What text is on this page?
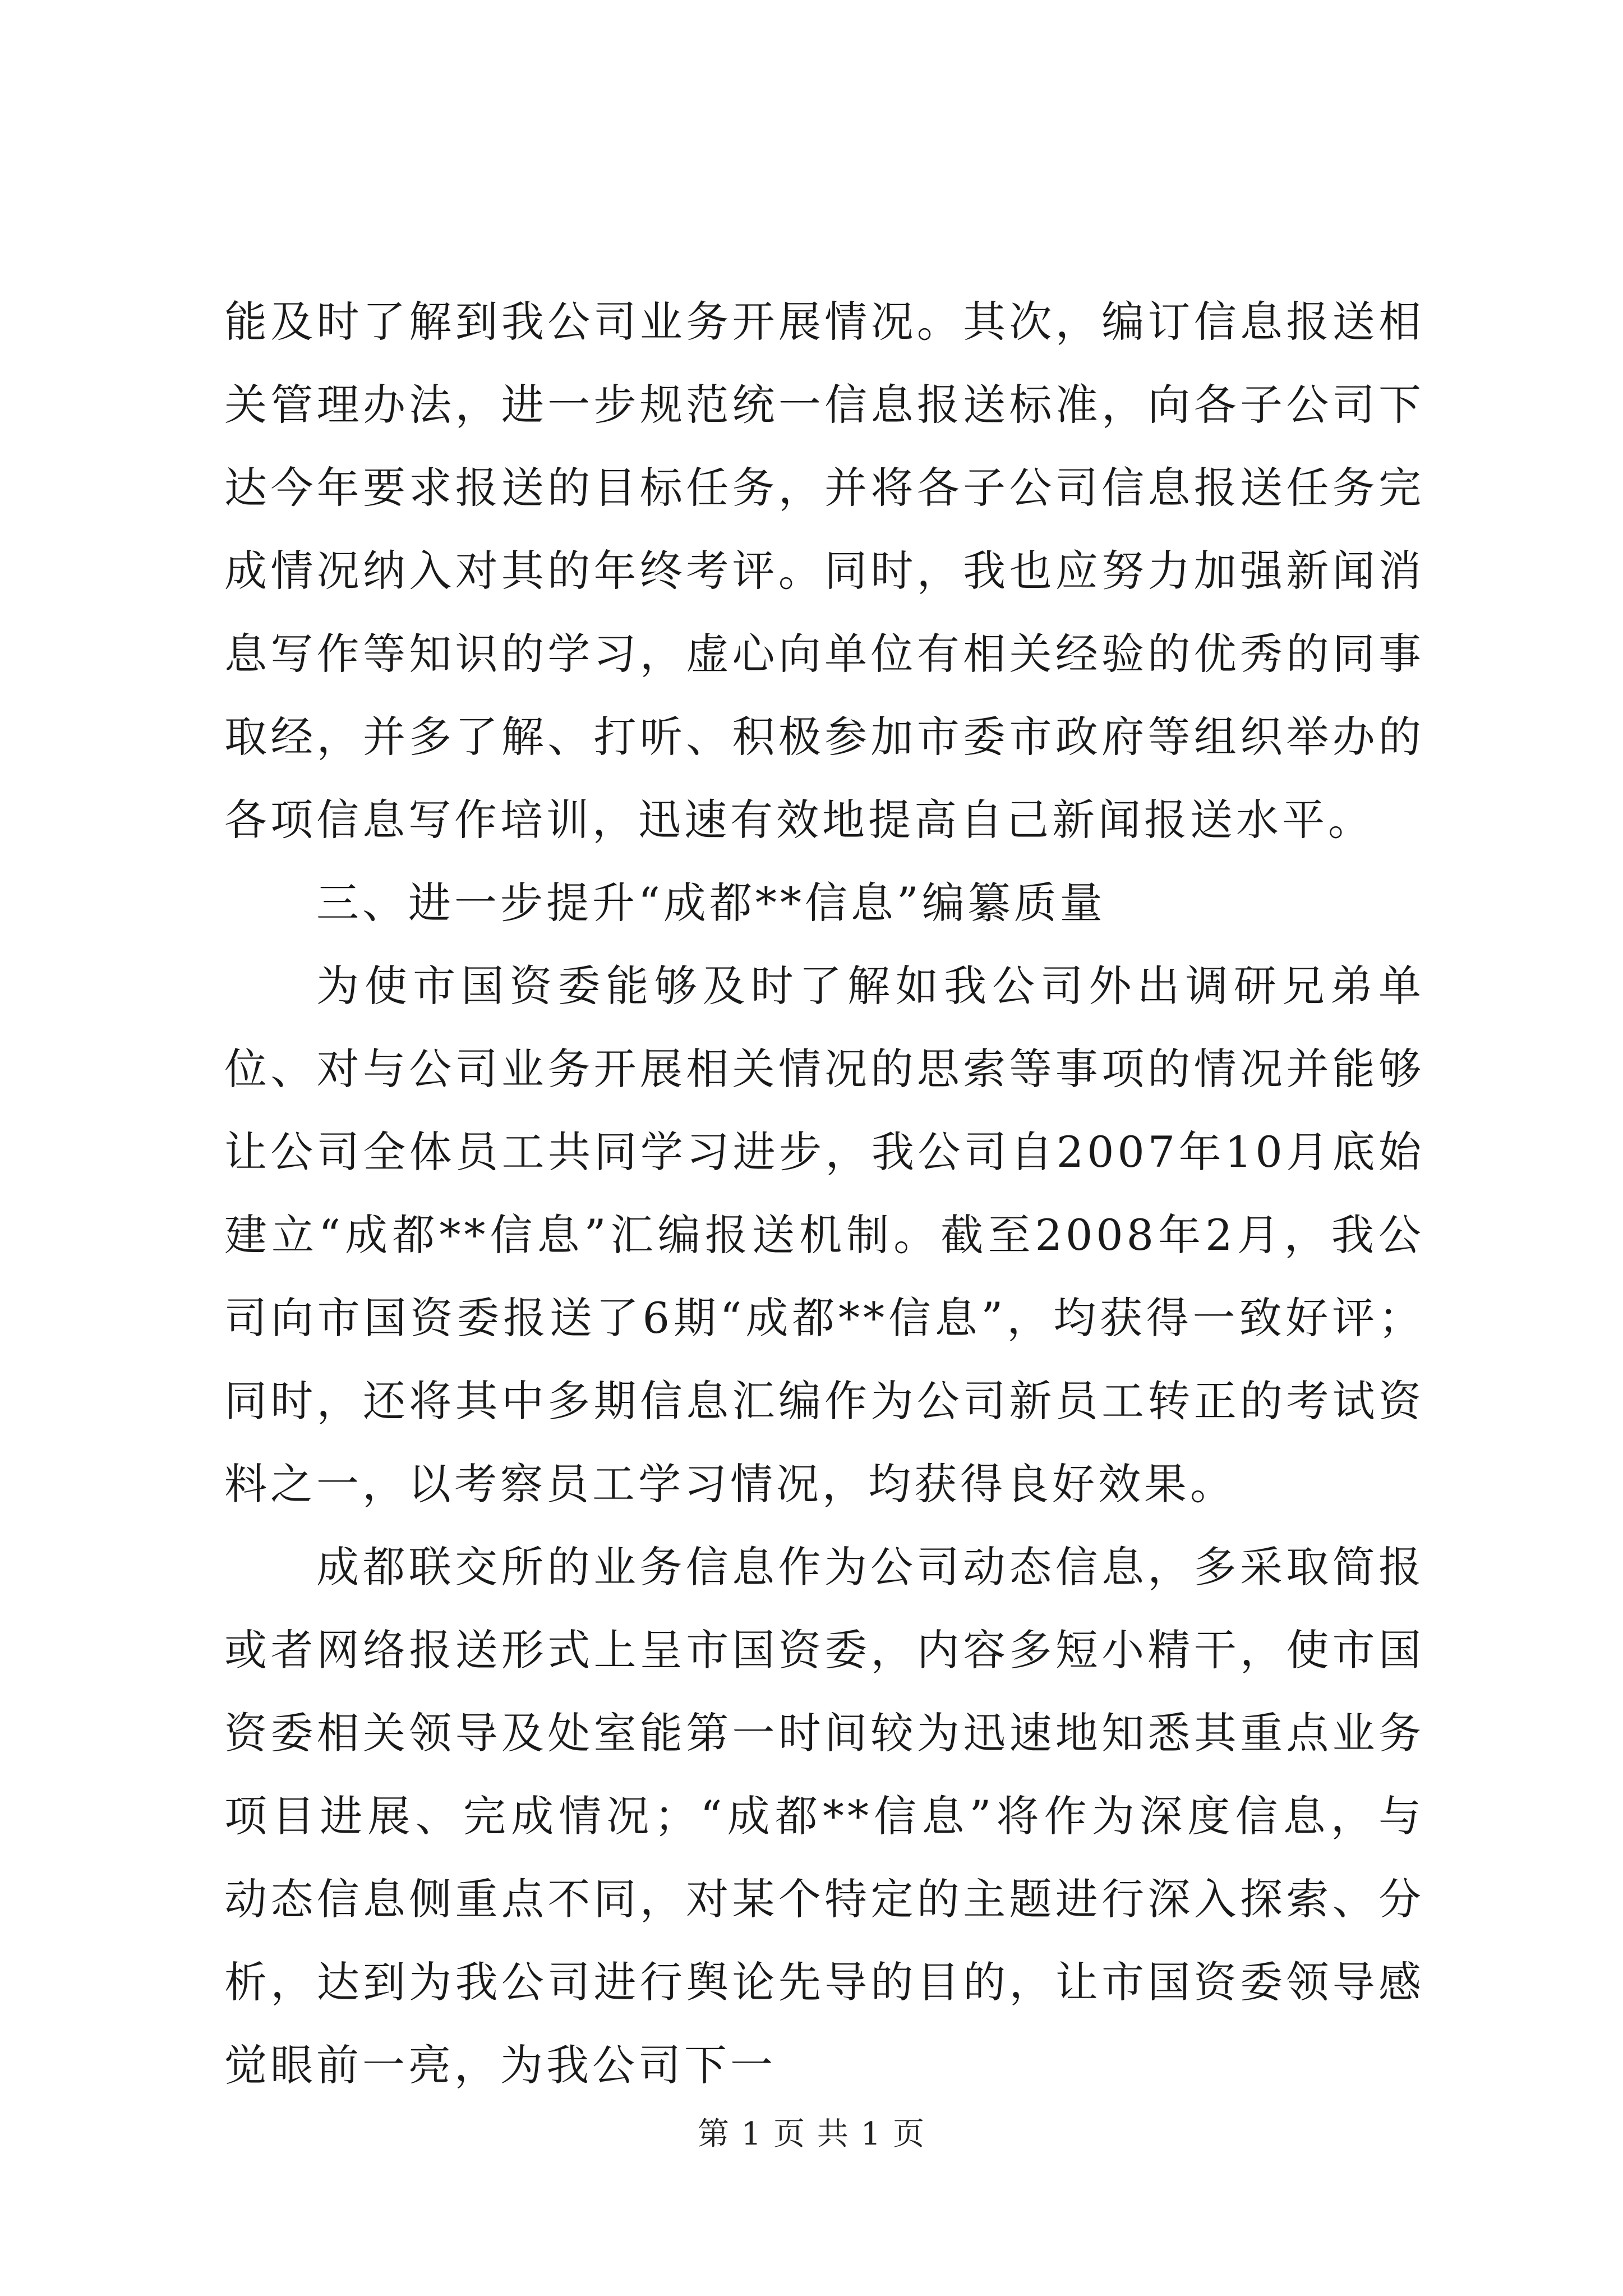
能及时了解到我公司业务开展情况。其次，编订信息报送相关管理办法，进一步规范统一信息报送标准，向各子公司下达今年要求报送的目标任务，并将各子公司信息报送任务完成情况纳入对其的年终考评。同时，我也应努力加强新闻消息写作等知识的学习，虚心向单位有相关经验的优秀的同事取经，并多了解、打听、积极参加市委市政府等组织举办的各项信息写作培训，迅速有效地提高自己新闻报送水平。

三、进一步提升“成都**信息”编纂质量

为使市国资委能够及时了解如我公司外出调研兄弟单位、对与公司业务开展相关情况的思索等事项的情况并能够让公司全体员工共同学习进步，我公司自2007年10月底始建立“成都**信息”汇编报送机制。截至2008年2月，我公司向市国资委报送了6期“成都**信息”，均获得一致好评；同时，还将其中多期信息汇编作为公司新员工转正的考试资料之一，以考察员工学习情况，均获得良好效果。

成都联交所的业务信息作为公司动态信息，多采取简报或者网络报送形式上呈市国资委，内容多短小精干，使市国资委相关领导及处室能第一时间较为迅速地知悉其重点业务项目进展、完成情况；“成都**信息”将作为深度信息，与动态信息侧重点不同，对某个特定的主题进行深入探索、分析，达到为我公司进行舆论先导的目的，让市国资委领导感觉眼前一亮，为我公司下一

第 1 页 共 1 页
